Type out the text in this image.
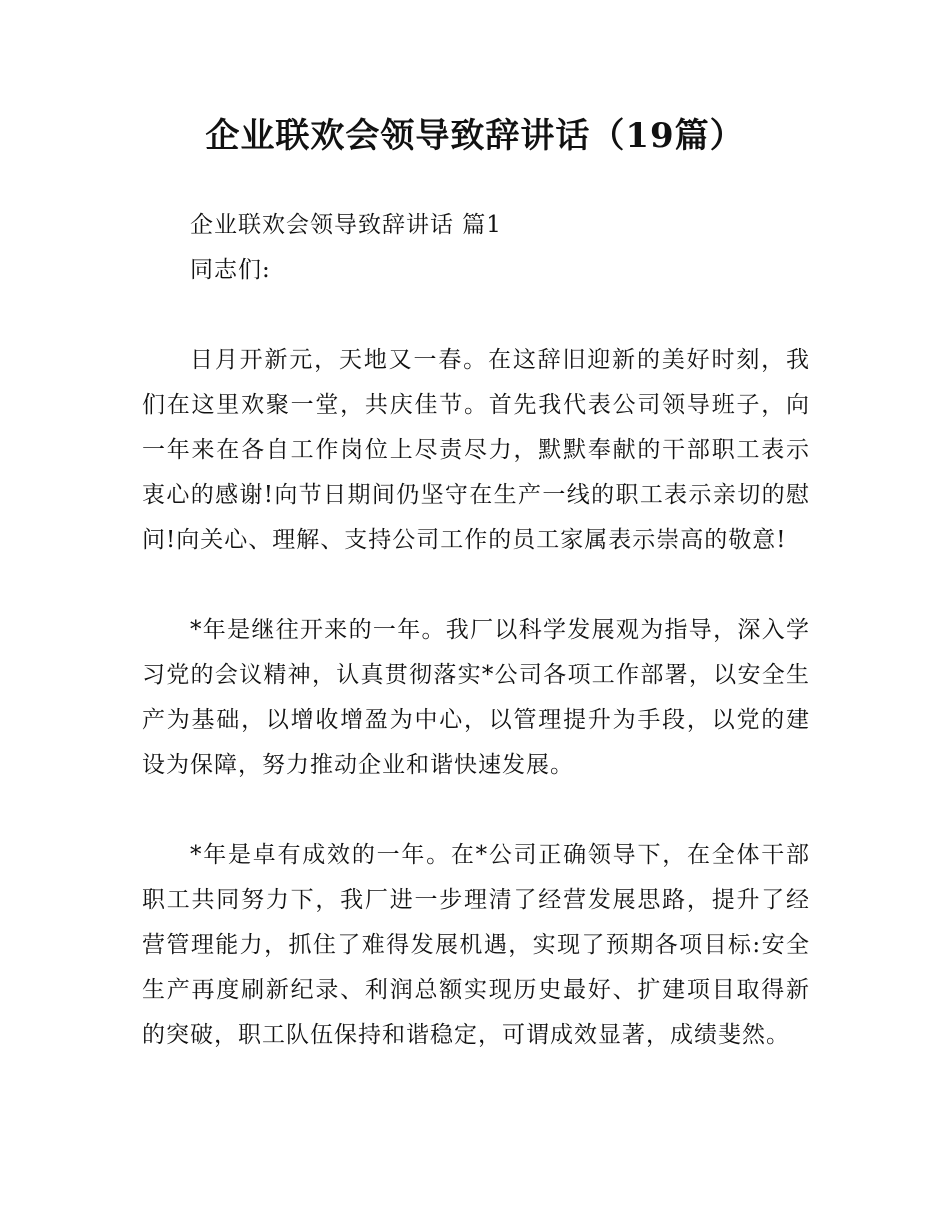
企业联欢会领导致辞讲话（19篇）

企业联欢会领导致辞讲话 篇1

同志们:

日月开新元，天地又一春。在这辞旧迎新的美好时刻，我们在这里欢聚一堂，共庆佳节。首先我代表公司领导班子，向一年来在各自工作岗位上尽责尽力，默默奉献的干部职工表示衷心的感谢!向节日期间仍坚守在生产一线的职工表示亲切的慰问!向关心、理解、支持公司工作的员工家属表示崇高的敬意!

*年是继往开来的一年。我厂以科学发展观为指导，深入学习党的会议精神，认真贯彻落实*公司各项工作部署，以安全生产为基础，以增收增盈为中心，以管理提升为手段，以党的建设为保障，努力推动企业和谐快速发展。

*年是卓有成效的一年。在*公司正确领导下，在全体干部职工共同努力下，我厂进一步理清了经营发展思路，提升了经营管理能力，抓住了难得发展机遇，实现了预期各项目标:安全生产再度刷新纪录、利润总额实现历史最好、扩建项目取得新的突破，职工队伍保持和谐稳定，可谓成效显著，成绩斐然。
